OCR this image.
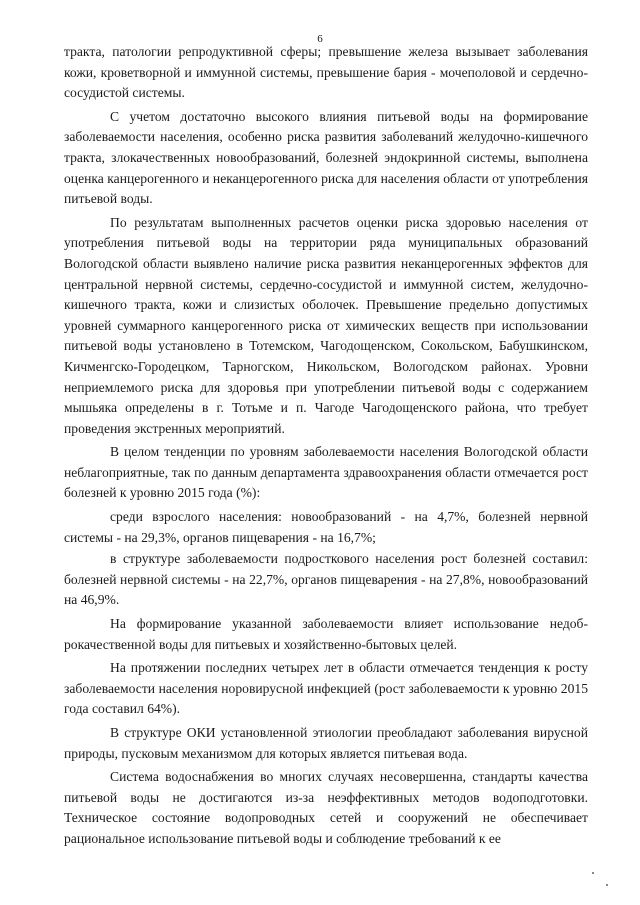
6

тракта, патологии репродуктивной сферы; превышение железа вызывает заболевания кожи, кроветворной и иммунной системы, превышение бария - мочеполовой и сердечно-сосудистой системы.

С учетом достаточно высокого влияния питьевой воды на формирование заболеваемости населения, особенно риска развития заболеваний желудочно-кишечного тракта, злокачественных новообразований, болезней эндокринной системы, выполнена оценка канцерогенного и неканцерогенного риска для населения области от употребления питьевой воды.

По результатам выполненных расчетов оценки риска здоровью населения от употребления питьевой воды на территории ряда муниципальных образований Вологодской области выявлено наличие риска развития неканцерогенных эффектов для центральной нервной системы, сердечно-сосудистой и иммунной систем, желудочно-кишечного тракта, кожи и слизистых оболочек. Превышение предельно допустимых уровней суммарного канцерогенного риска от химических веществ при использовании питьевой воды установлено в Тотемском, Чагодощенском, Сокольском, Бабушкинском, Кичменгско-Городецком, Тарногском, Никольском, Вологодском районах. Уровни неприемлемого риска для здоровья при употреблении питьевой воды с содержанием мышьяка определены в г. Тотьме и п. Чагоде Чагодощенского района, что требует проведения экстренных мероприятий.

В целом тенденции по уровням заболеваемости населения Вологодской области неблагоприятные, так по данным департамента здравоохранения области отмечается рост болезней к уровню 2015 года (%):

среди взрослого населения: новообразований - на 4,7%, болезней нервной системы - на 29,3%, органов пищеварения - на 16,7%;

в структуре заболеваемости подросткового населения рост болезней составил: болезней нервной системы - на 22,7%, органов пищеварения - на 27,8%, новообразований на 46,9%.

На формирование указанной заболеваемости влияет использование недоброкачественной воды для питьевых и хозяйственно-бытовых целей.

На протяжении последних четырех лет в области отмечается тенденция к росту заболеваемости населения норовирусной инфекцией (рост заболеваемости к уровню 2015 года составил 64%).

В структуре ОКИ установленной этиологии преобладают заболевания вирусной природы, пусковым механизмом для которых является питьевая вода.

Система водоснабжения во многих случаях несовершенна, стандарты качества питьевой воды не достигаются из-за неэффективных методов водоподготовки. Техническое состояние водопроводных сетей и сооружений не обеспечивает рациональное использование питьевой воды и соблюдение требований к ее
